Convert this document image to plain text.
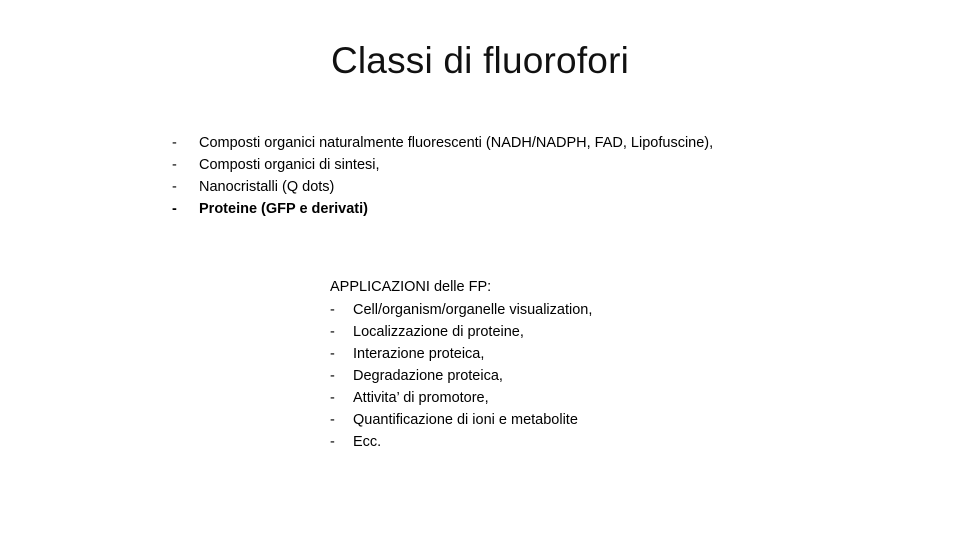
Classi di fluorofori
- Composti organici naturalmente fluorescenti (NADH/NADPH, FAD, Lipofuscine),
- Composti organici di sintesi,
- Nanocristalli (Q dots)
- Proteine (GFP e derivati)
APPLICAZIONI delle FP:
- Cell/organism/organelle visualization,
- Localizzazione di proteine,
- Interazione proteica,
- Degradazione proteica,
- Attivita’ di promotore,
- Quantificazione di ioni e metabolite
- Ecc.
